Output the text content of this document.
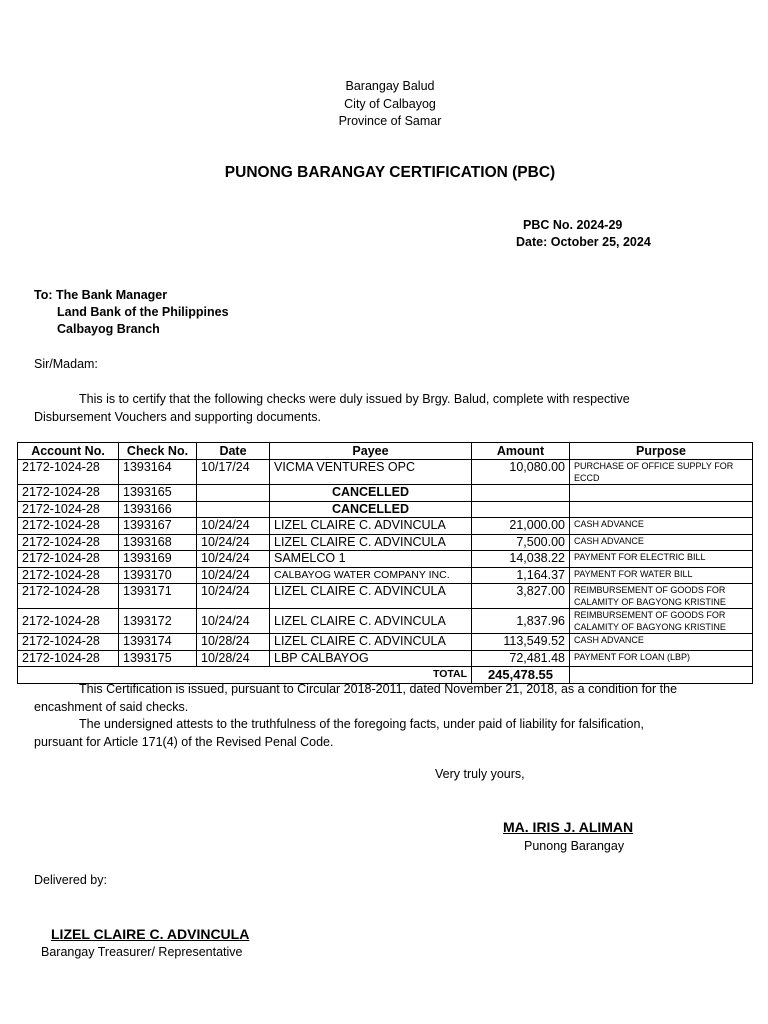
Barangay Balud
City of Calbayog
Province of Samar
PUNONG BARANGAY CERTIFICATION (PBC)
PBC No. 2024-29
Date: October 25, 2024
To: The Bank Manager
Land Bank of the Philippines
Calbayog Branch
Sir/Madam:
This is to certify that the following checks were duly issued by Brgy. Balud, complete with respective
Disbursement Vouchers and supporting documents.
Account No.	Check No.	Date	Payee	Amount	Purpose
2172-1024-28	1393164	10/17/24	VICMA VENTURES OPC	10,080.00	PURCHASE OF OFFICE SUPPLY FOR ECCD
2172-1024-28	1393165		CANCELLED		
2172-1024-28	1393166		CANCELLED		
2172-1024-28	1393167	10/24/24	LIZEL CLAIRE C. ADVINCULA	21,000.00	CASH ADVANCE
2172-1024-28	1393168	10/24/24	LIZEL CLAIRE C. ADVINCULA	7,500.00	CASH ADVANCE
2172-1024-28	1393169	10/24/24	SAMELCO 1	14,038.22	PAYMENT FOR ELECTRIC BILL
2172-1024-28	1393170	10/24/24	CALBAYOG WATER COMPANY INC.	1,164.37	PAYMENT FOR WATER BILL
2172-1024-28	1393171	10/24/24	LIZEL CLAIRE C. ADVINCULA	3,827.00	REIMBURSEMENT OF GOODS FOR CALAMITY OF BAGYONG KRISTINE
2172-1024-28	1393172	10/24/24	LIZEL CLAIRE C. ADVINCULA	1,837.96	REIMBURSEMENT OF GOODS FOR CALAMITY OF BAGYONG KRISTINE
2172-1024-28	1393174	10/28/24	LIZEL CLAIRE C. ADVINCULA	113,549.52	CASH ADVANCE
2172-1024-28	1393175	10/28/24	LBP CALBAYOG	72,481.48	PAYMENT FOR LOAN (LBP)
			TOTAL	245,478.55	
This Certification is issued, pursuant to Circular 2018-2011, dated November 21, 2018, as a condition for the
encashment of said checks.
The undersigned attests to the truthfulness of the foregoing facts, under paid of liability for falsification,
pursuant for Article 171(4) of the Revised Penal Code.
Very truly yours,
MA. IRIS J. ALIMAN
Punong Barangay
Delivered by:
LIZEL CLAIRE C. ADVINCULA
Barangay Treasurer/ Representative
